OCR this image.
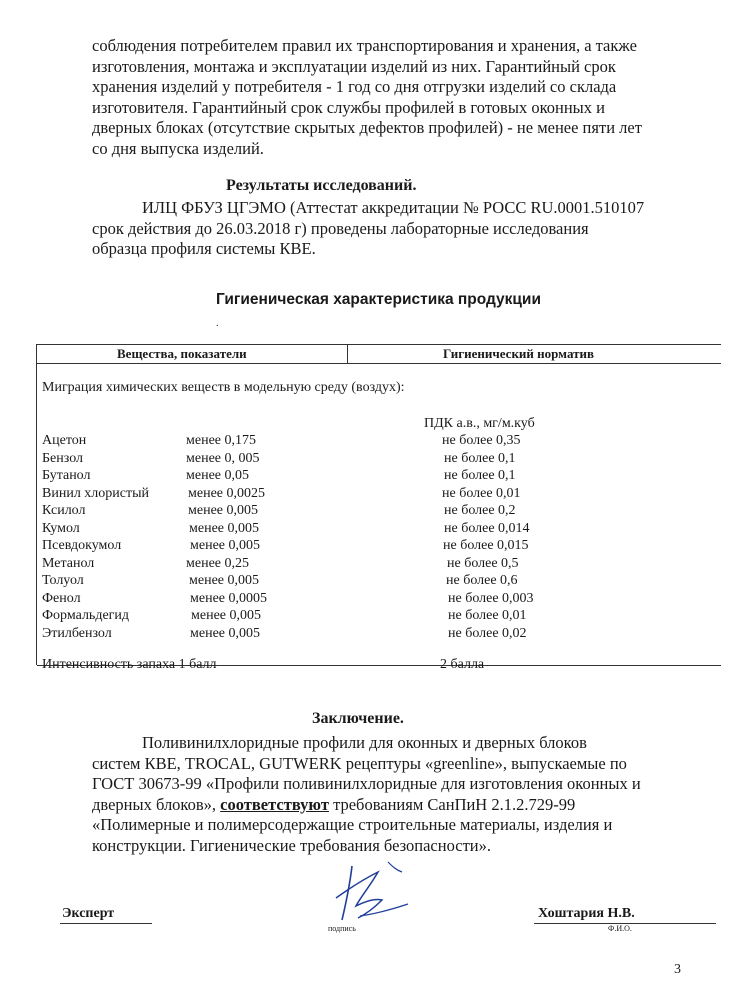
соблюдения потребителем правил их транспортирования и хранения, а также
изготовления, монтажа и эксплуатации изделий из них. Гарантийный срок
хранения изделий у потребителя - 1 год со дня отгрузки изделий со склада
изготовителя. Гарантийный срок службы профилей в готовых оконных и
дверных блоках (отсутствие скрытых дефектов профилей) - не менее пяти лет
со дня выпуска изделий.
Результаты исследований.
ИЛЦ ФБУЗ ЦГЭМО (Аттестат аккредитации № РОСС RU.0001.510107
срок действия до 26.03.2018 г) проведены лабораторные исследования
образца профиля системы КВЕ.
Гигиеническая характеристика продукции
.
Вещества, показатели	Гигиенический норматив
Миграция химических веществ в модельную среду (воздух):
ПДК а.в., мг/м.куб
Ацетон
Бензол
Бутанол
Винил хлористый
Ксилол
Кумол
Псевдокумол
Метанол
Толуол
Фенол
Формальдегид
Этилбензол
менее 0,175
менее 0, 005
менее 0,05
менее 0,0025
менее 0,005
менее 0,005
менее 0,005
менее 0,25
менее 0,005
менее 0,0005
менее 0,005
менее 0,005
не более 0,35
не более 0,1
не более 0,1
не более 0,01
не более 0,2
не более 0,014
не более 0,015
не более 0,5
не более 0,6
не более 0,003
не более 0,01
не более 0,02
Интенсивность запаха 1 балл	2 балла
Заключение.
Поливинилхлоридные профили для оконных и дверных блоков
систем КВЕ, TROCAL, GUTWERK рецептуры «greenline», выпускаемые по
ГОСТ 30673-99 «Профили поливинилхлоридные для изготовления оконных и
дверных блоков», соответствуют требованиям СанПиН 2.1.2.729-99
«Полимерные и полимерсодержащие строительные материалы, изделия и
конструкции. Гигиенические требования безопасности».
Эксперт
подпись
Хоштария Н.В.
Ф.И.О.
3
